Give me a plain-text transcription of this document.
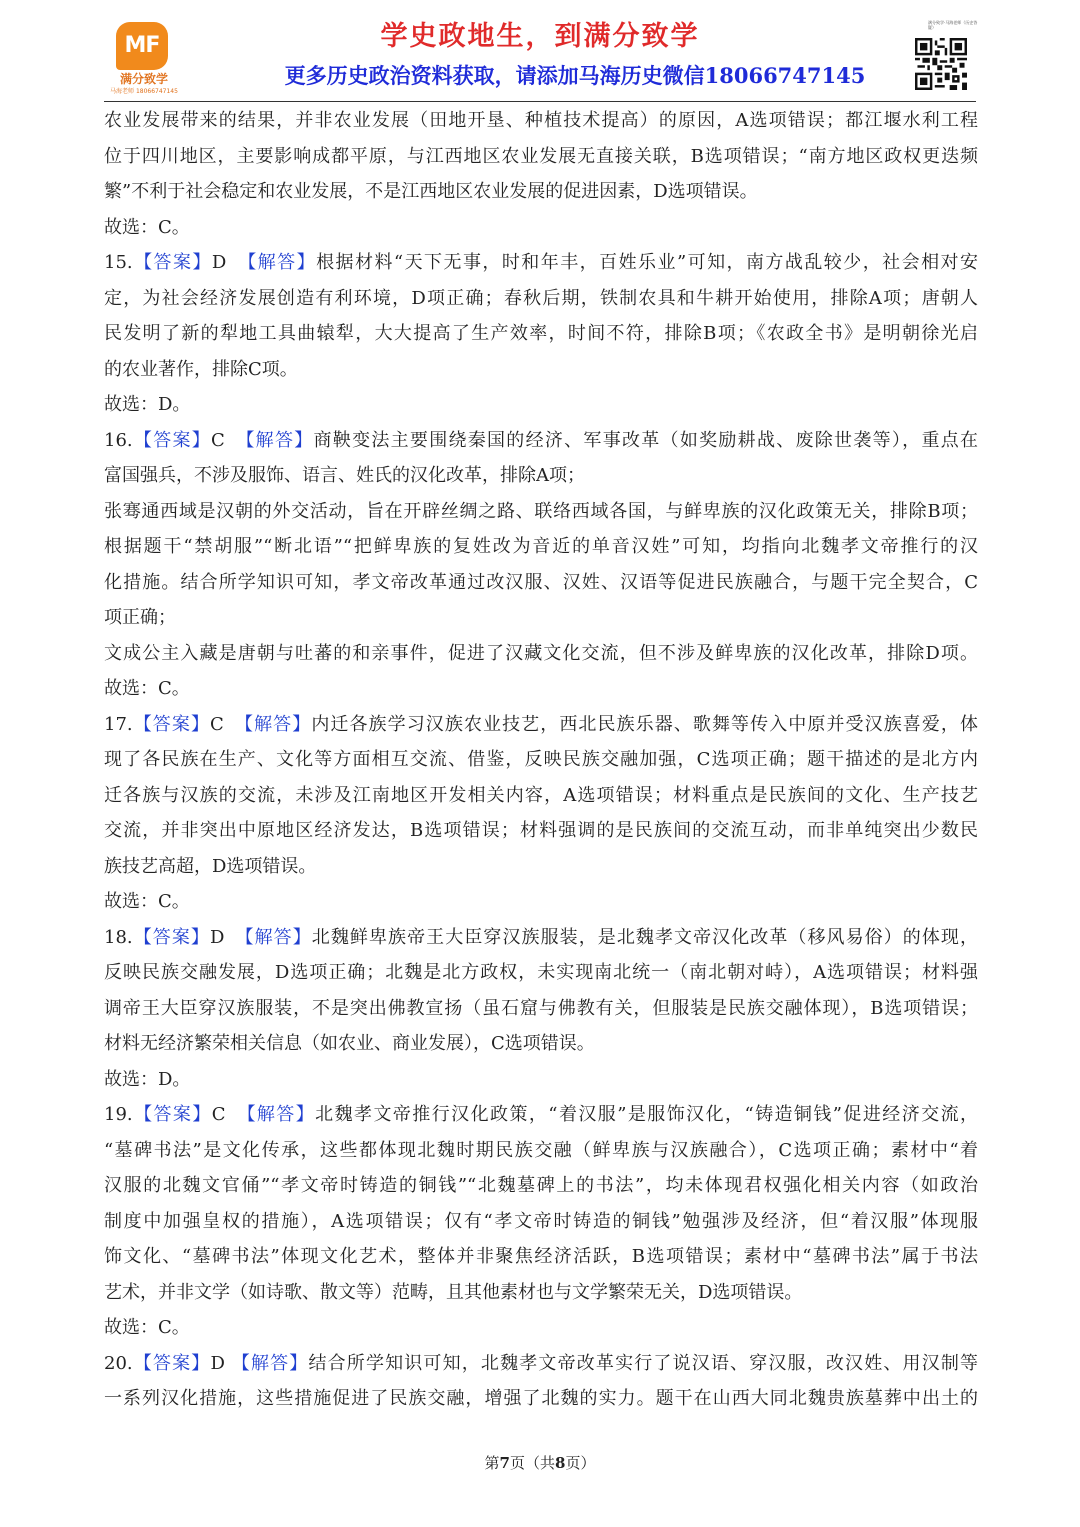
MF
满分致学
马海老师 18066747145
学史政地生，到满分致学
更多历史政治资料获取，请添加马海历史微信18066747145
满分致学·马海老师（历史答疑）
农业发展带来的结果，并非农业发展（田地开垦、种植技术提高）的原因，A选项错误；都江堰水利工程
位于四川地区，主要影响成都平原，与江西地区农业发展无直接关联，B选项错误；“南方地区政权更迭频
繁”不利于社会稳定和农业发展，不是江西地区农业发展的促进因素，D选项错误。
故选：C。
15.【答案】D　【解答】根据材料“天下无事，时和年丰，百姓乐业”可知，南方战乱较少，社会相对安
定，为社会经济发展创造有利环境，D项正确；春秋后期，铁制农具和牛耕开始使用，排除A项；唐朝人
民发明了新的犁地工具曲辕犁，大大提高了生产效率，时间不符，排除B项；《农政全书》是明朝徐光启
的农业著作，排除C项。
故选：D。
16.【答案】C　【解答】商鞅变法主要围绕秦国的经济、军事改革（如奖励耕战、废除世袭等），重点在
富国强兵，不涉及服饰、语言、姓氏的汉化改革，排除A项；
张骞通西域是汉朝的外交活动，旨在开辟丝绸之路、联络西域各国，与鲜卑族的汉化政策无关，排除B项；
根据题干“禁胡服”“断北语”“把鲜卑族的复姓改为音近的单音汉姓”可知，均指向北魏孝文帝推行的汉
化措施。结合所学知识可知，孝文帝改革通过改汉服、汉姓、汉语等促进民族融合，与题干完全契合，C
项正确；
文成公主入藏是唐朝与吐蕃的和亲事件，促进了汉藏文化交流，但不涉及鲜卑族的汉化改革，排除D项。
故选：C。
17.【答案】C　【解答】内迁各族学习汉族农业技艺，西北民族乐器、歌舞等传入中原并受汉族喜爱，体
现了各民族在生产、文化等方面相互交流、借鉴，反映民族交融加强，C选项正确；题干描述的是北方内
迁各族与汉族的交流，未涉及江南地区开发相关内容，A选项错误；材料重点是民族间的文化、生产技艺
交流，并非突出中原地区经济发达，B选项错误；材料强调的是民族间的交流互动，而非单纯突出少数民
族技艺高超，D选项错误。
故选：C。
18.【答案】D　【解答】北魏鲜卑族帝王大臣穿汉族服装，是北魏孝文帝汉化改革（移风易俗）的体现，
反映民族交融发展，D选项正确；北魏是北方政权，未实现南北统一（南北朝对峙），A选项错误；材料强
调帝王大臣穿汉族服装，不是突出佛教宣扬（虽石窟与佛教有关，但服装是民族交融体现），B选项错误；
材料无经济繁荣相关信息（如农业、商业发展），C选项错误。
故选：D。
19.【答案】C　【解答】北魏孝文帝推行汉化政策，“着汉服”是服饰汉化，“铸造铜钱”促进经济交流，
“墓碑书法”是文化传承，这些都体现北魏时期民族交融（鲜卑族与汉族融合），C选项正确；素材中“着
汉服的北魏文官俑”“孝文帝时铸造的铜钱”“北魏墓碑上的书法”，均未体现君权强化相关内容（如政治
制度中加强皇权的措施），A选项错误；仅有“孝文帝时铸造的铜钱”勉强涉及经济，但“着汉服”体现服
饰文化、“墓碑书法”体现文化艺术，整体并非聚焦经济活跃，B选项错误；素材中“墓碑书法”属于书法
艺术，并非文学（如诗歌、散文等）范畴，且其他素材也与文学繁荣无关，D选项错误。
故选：C。
20.【答案】D 【解答】结合所学知识可知，北魏孝文帝改革实行了说汉语、穿汉服，改汉姓、用汉制等
一系列汉化措施，这些措施促进了民族交融，增强了北魏的实力。题干在山西大同北魏贵族墓葬中出土的
第7页（共8页）
